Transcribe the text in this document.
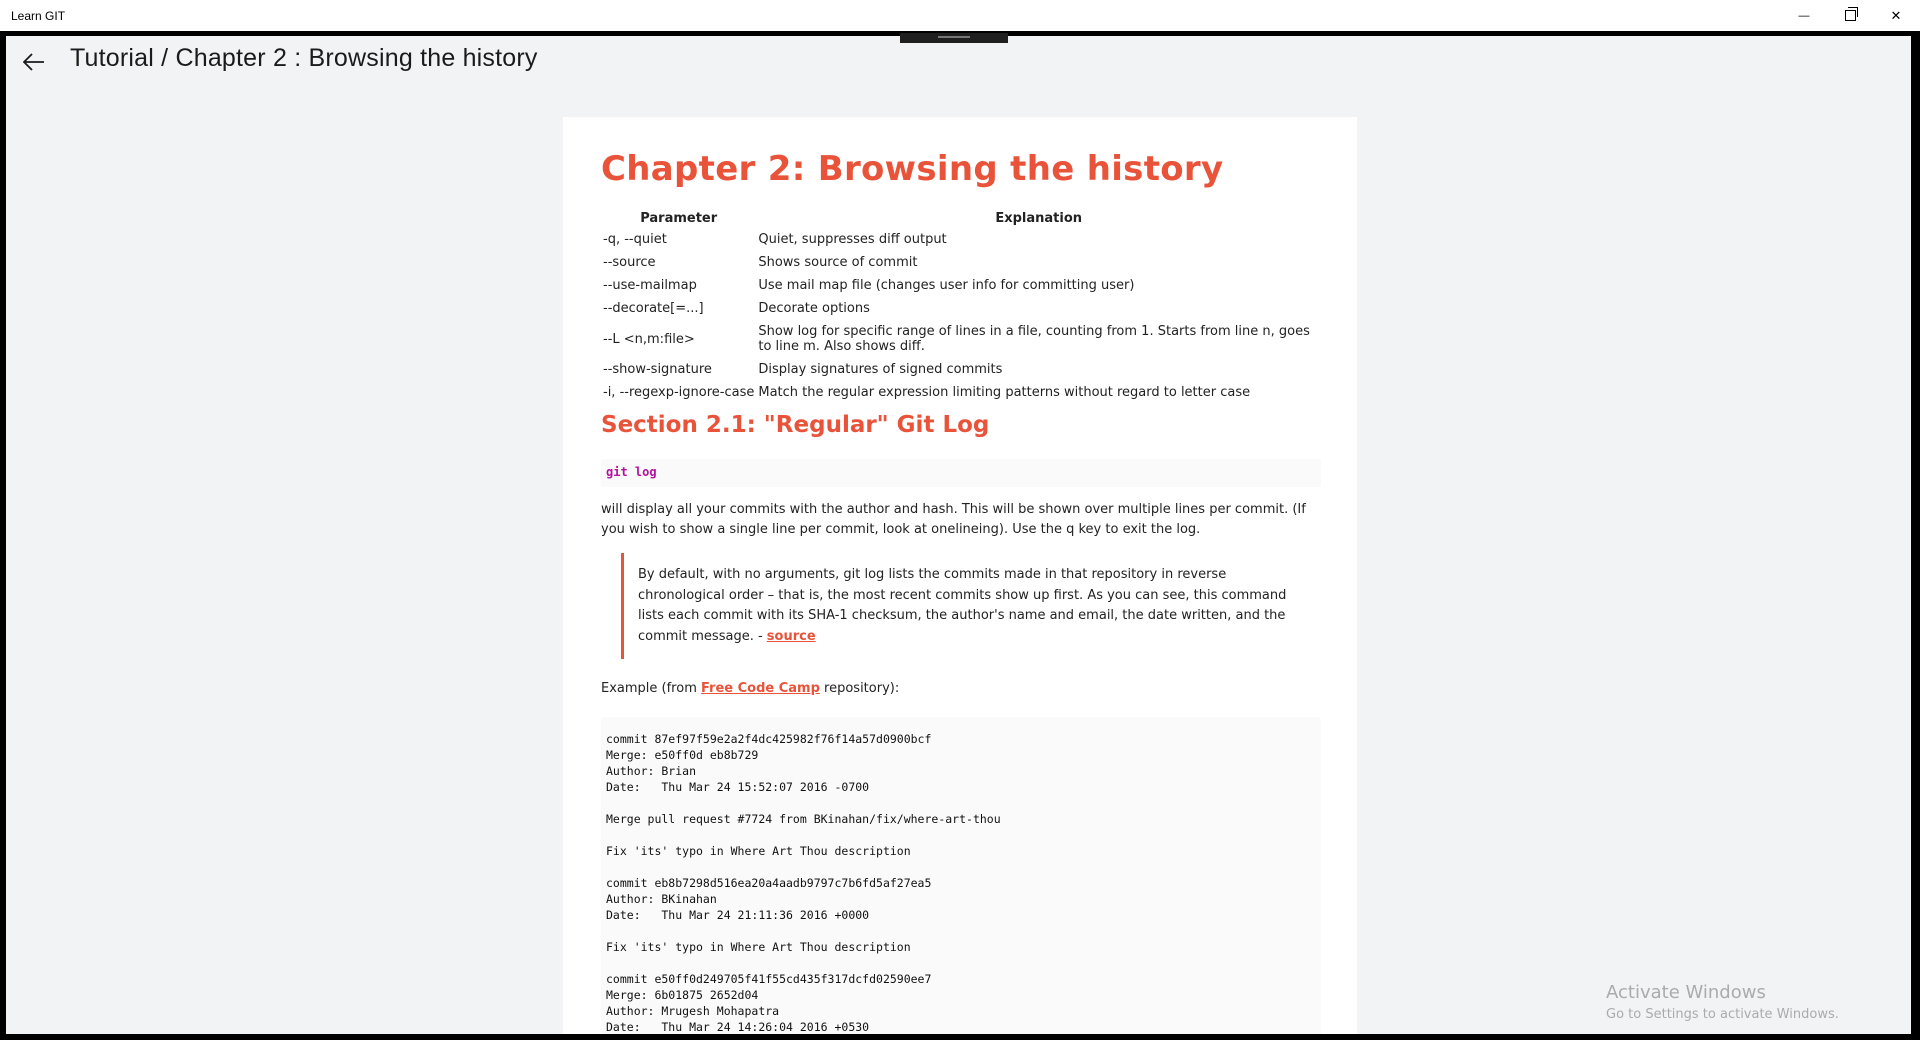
Learn GIT	—	✕
Tutorial / Chapter 2 : Browsing the history
Chapter 2: Browsing the history
Parameter	Explanation
-q, --quiet	Quiet, suppresses diff output
--source	Shows source of commit
--use-mailmap	Use mail map file (changes user info for committing user)
--decorate[=...]	Decorate options
--L <n,m:file>	Show log for specific range of lines in a file, counting from 1. Starts from line n, goes to line m. Also shows diff.
--show-signature	Display signatures of signed commits
-i, --regexp-ignore-case	Match the regular expression limiting patterns without regard to letter case
Section 2.1: "Regular" Git Log
git log

will display all your commits with the author and hash. This will be shown over multiple lines per commit. (If you wish to show a single line per commit, look at onelineing). Use the q key to exit the log.

By default, with no arguments, git log lists the commits made in that repository in reverse chronological order – that is, the most recent commits show up first. As you can see, this command lists each commit with its SHA-1 checksum, the author's name and email, the date written, and the commit message. - source

Example (from Free Code Camp repository):

commit 87ef97f59e2a2f4dc425982f76f14a57d0900bcf
Merge: e50ff0d eb8b729
Author: Brian
Date:   Thu Mar 24 15:52:07 2016 -0700

Merge pull request #7724 from BKinahan/fix/where-art-thou

Fix 'its' typo in Where Art Thou description

commit eb8b7298d516ea20a4aadb9797c7b6fd5af27ea5
Author: BKinahan
Date:   Thu Mar 24 21:11:36 2016 +0000

Fix 'its' typo in Where Art Thou description

commit e50ff0d249705f41f55cd435f317dcfd02590ee7
Merge: 6b01875 2652d04
Author: Mrugesh Mohapatra
Date:   Thu Mar 24 14:26:04 2016 +0530
Activate Windows
Go to Settings to activate Windows.
